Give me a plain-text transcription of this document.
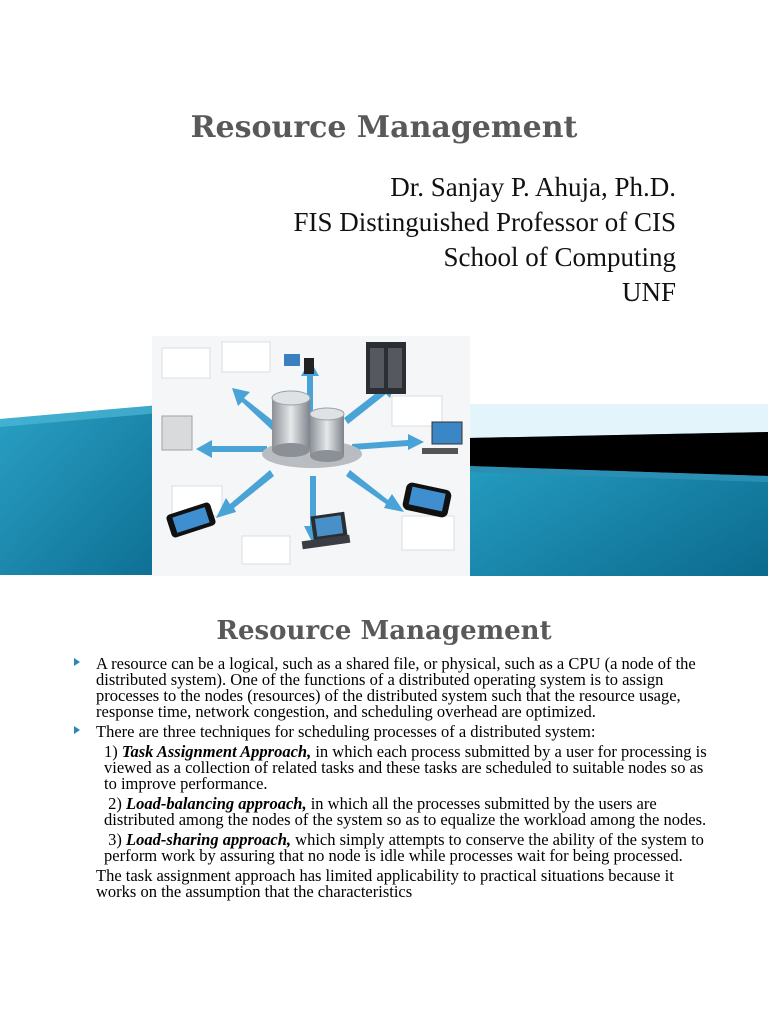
Resource Management
Dr. Sanjay P. Ahuja, Ph.D.
FIS Distinguished Professor of CIS
School of Computing
UNF
Resource Management
A resource can be a logical, such as a shared file, or physical, such as a CPU (a node of the distributed system). One of the functions of a distributed operating system is to assign processes to the nodes (resources) of the distributed system such that the resource usage, response time, network congestion, and scheduling overhead are optimized.
There are three techniques for scheduling processes of a distributed system:
1) Task Assignment Approach, in which each process submitted by a user for processing is viewed as a collection of related tasks and these tasks are scheduled to suitable nodes so as to improve performance.
2) Load-balancing approach, in which all the processes submitted by the users are distributed among the nodes of the system so as to equalize the workload among the nodes.
3) Load-sharing approach, which simply attempts to conserve the ability of the system to perform work by assuring that no node is idle while processes wait for being processed.
The task assignment approach has limited applicability to practical situations because it works on the assumption that the characteristics
